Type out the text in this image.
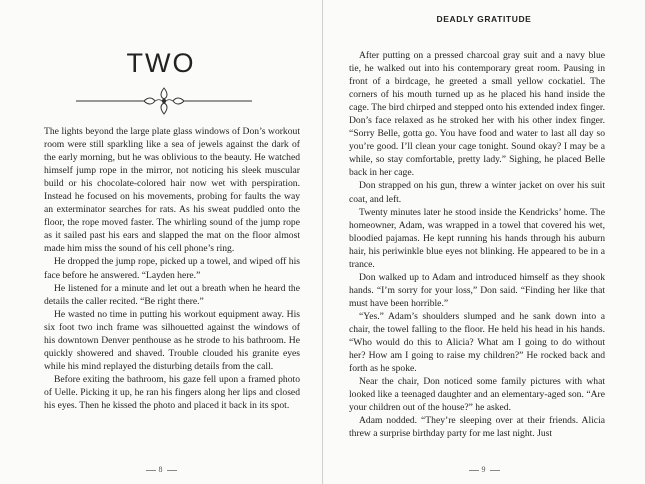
TWO

The lights beyond the large plate glass windows of Don’s workout room were still sparkling like a sea of jewels against the dark of the early morning, but he was oblivious to the beauty. He watched himself jump rope in the mirror, not noticing his sleek muscular build or his chocolate-colored hair now wet with perspiration. Instead he focused on his movements, probing for faults the way an exterminator searches for rats. As his sweat puddled onto the floor, the rope moved faster. The whirling sound of the jump rope as it sailed past his ears and slapped the mat on the floor almost made him miss the sound of his cell phone’s ring.

He dropped the jump rope, picked up a towel, and wiped off his face before he answered. “Layden here.”

He listened for a minute and let out a breath when he heard the details the caller recited. “Be right there.”

He wasted no time in putting his workout equipment away. His six foot two inch frame was silhouetted against the windows of his downtown Denver penthouse as he strode to his bathroom. He quickly showered and shaved. Trouble clouded his granite eyes while his mind replayed the disturbing details from the call.

Before exiting the bathroom, his gaze fell upon a framed photo of Uelle. Picking it up, he ran his fingers along her lips and closed his eyes. Then he kissed the photo and placed it back in its spot.

8
DEADLY GRATITUDE

After putting on a pressed charcoal gray suit and a navy blue tie, he walked out into his contemporary great room. Pausing in front of a birdcage, he greeted a small yellow cockatiel. The corners of his mouth turned up as he placed his hand inside the cage. The bird chirped and stepped onto his extended index finger. Don’s face relaxed as he stroked her with his other index finger. “Sorry Belle, gotta go. You have food and water to last all day so you’re good. I’ll clean your cage tonight. Sound okay? I may be a while, so stay comfortable, pretty lady.” Sighing, he placed Belle back in her cage.

Don strapped on his gun, threw a winter jacket on over his suit coat, and left.

Twenty minutes later he stood inside the Kendricks’ home. The homeowner, Adam, was wrapped in a towel that covered his wet, bloodied pajamas. He kept running his hands through his auburn hair, his periwinkle blue eyes not blinking. He appeared to be in a trance.

Don walked up to Adam and introduced himself as they shook hands. “I’m sorry for your loss,” Don said. “Finding her like that must have been horrible.”

“Yes.” Adam’s shoulders slumped and he sank down into a chair, the towel falling to the floor. He held his head in his hands. “Who would do this to Alicia? What am I going to do without her? How am I going to raise my children?” He rocked back and forth as he spoke.

Near the chair, Don noticed some family pictures with what looked like a teenaged daughter and an elementary-aged son. “Are your children out of the house?” he asked.

Adam nodded. “They’re sleeping over at their friends. Alicia threw a surprise birthday party for me last night. Just

9
